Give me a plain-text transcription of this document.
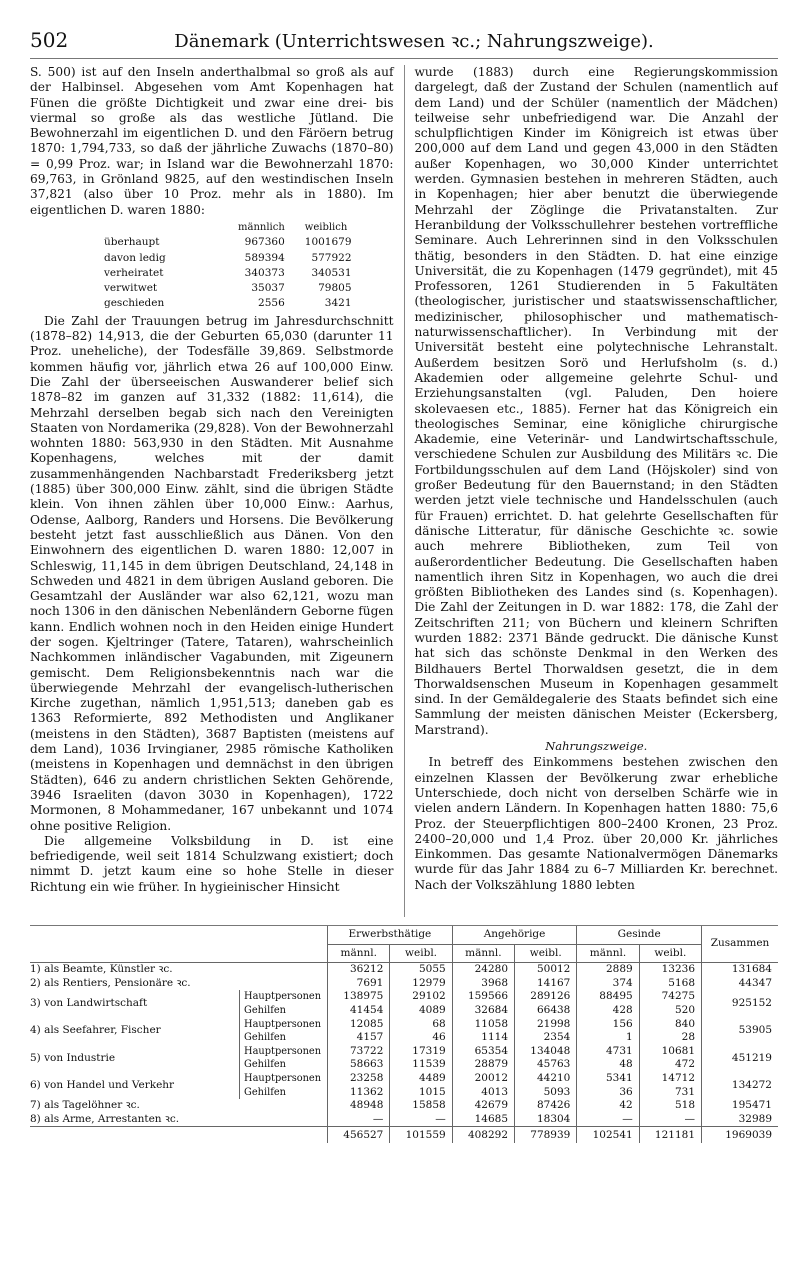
502	Dänemark (Unterrichtswesen ꝛc.; Nahrungszweige).

S. 500) ist auf den Inseln anderthalbmal so groß als auf der Halbinsel. Abgesehen vom Amt Kopenhagen hat Fünen die größte Dichtigkeit und zwar eine drei- bis viermal so große als das westliche Jütland. Die Bewohnerzahl im eigentlichen D. und den Färöern betrug 1870: 1,794,733, so daß der jährliche Zuwachs (1870–80) = 0,99 Proz. war; in Island war die Bewohnerzahl 1870: 69,763, in Grönland 9825, auf den westindischen Inseln 37,821 (also über 10 Proz. mehr als in 1880). Im eigentlichen D. waren 1880:

	männlich	weiblich
überhaupt	967360	1001679
davon ledig	589394	577922
verheiratet	340373	340531
verwitwet	35037	79805
geschieden	2556	3421

Die Zahl der Trauungen betrug im Jahresdurchschnitt (1878–82) 14,913, die der Geburten 65,030 (darunter 11 Proz. uneheliche), der Todesfälle 39,869. Selbstmorde kommen häufig vor, jährlich etwa 26 auf 100,000 Einw. Die Zahl der überseeischen Auswanderer belief sich 1878–82 im ganzen auf 31,332 (1882: 11,614), die Mehrzahl derselben begab sich nach den Vereinigten Staaten von Nordamerika (29,828). Von der Bewohnerzahl wohnten 1880: 563,930 in den Städten. Mit Ausnahme Kopenhagens, welches mit der damit zusammenhängenden Nachbarstadt Frederiksberg jetzt (1885) über 300,000 Einw. zählt, sind die übrigen Städte klein. Von ihnen zählen über 10,000 Einw.: Aarhus, Odense, Aalborg, Randers und Horsens. Die Bevölkerung besteht jetzt fast ausschließlich aus Dänen. Von den Einwohnern des eigentlichen D. waren 1880: 12,007 in Schleswig, 11,145 in dem übrigen Deutschland, 24,148 in Schweden und 4821 in dem übrigen Ausland geboren. Die Gesamtzahl der Ausländer war also 62,121, wozu man noch 1306 in den dänischen Nebenländern Geborne fügen kann. Endlich wohnen noch in den Heiden einige Hundert der sogen. Kjeltringer (Tatere, Tataren), wahrscheinlich Nachkommen inländischer Vagabunden, mit Zigeunern gemischt. Dem Religionsbekenntnis nach war die überwiegende Mehrzahl der evangelisch-lutherischen Kirche zugethan, nämlich 1,951,513; daneben gab es 1363 Reformierte, 892 Methodisten und Anglikaner (meistens in den Städten), 3687 Baptisten (meistens auf dem Land), 1036 Irvingianer, 2985 römische Katholiken (meistens in Kopenhagen und demnächst in den übrigen Städten), 646 zu andern christlichen Sekten Gehörende, 3946 Israeliten (davon 3030 in Kopenhagen), 1722 Mormonen, 8 Mohammedaner, 167 unbekannt und 1074 ohne positive Religion.

Die allgemeine Volksbildung in D. ist eine befriedigende, weil seit 1814 Schulzwang existiert; doch nimmt D. jetzt kaum eine so hohe Stelle in dieser Richtung ein wie früher. In hygieinischer Hinsicht

wurde (1883) durch eine Regierungskommission dargelegt, daß der Zustand der Schulen (namentlich auf dem Land) und der Schüler (namentlich der Mädchen) teilweise sehr unbefriedigend war. Die Anzahl der schulpflichtigen Kinder im Königreich ist etwas über 200,000 auf dem Land und gegen 43,000 in den Städten außer Kopenhagen, wo 30,000 Kinder unterrichtet werden. Gymnasien bestehen in mehreren Städten, auch in Kopenhagen; hier aber benutzt die überwiegende Mehrzahl der Zöglinge die Privatanstalten. Zur Heranbildung der Volksschullehrer bestehen vortreffliche Seminare. Auch Lehrerinnen sind in den Volksschulen thätig, besonders in den Städten. D. hat eine einzige Universität, die zu Kopenhagen (1479 gegründet), mit 45 Professoren, 1261 Studierenden in 5 Fakultäten (theologischer, juristischer und staatswissenschaftlicher, medizinischer, philosophischer und mathematisch-naturwissenschaftlicher). In Verbindung mit der Universität besteht eine polytechnische Lehranstalt. Außerdem besitzen Sorö und Herlufsholm (s. d.) Akademien oder allgemeine gelehrte Schul- und Erziehungsanstalten (vgl. Paluden, Den hoiere skolevaesen etc., 1885). Ferner hat das Königreich ein theologisches Seminar, eine königliche chirurgische Akademie, eine Veterinär- und Landwirtschaftsschule, verschiedene Schulen zur Ausbildung des Militärs ꝛc. Die Fortbildungsschulen auf dem Land (Höjskoler) sind von großer Bedeutung für den Bauernstand; in den Städten werden jetzt viele technische und Handelsschulen (auch für Frauen) errichtet. D. hat gelehrte Gesellschaften für dänische Litteratur, für dänische Geschichte ꝛc. sowie auch mehrere Bibliotheken, zum Teil von außerordentlicher Bedeutung. Die Gesellschaften haben namentlich ihren Sitz in Kopenhagen, wo auch die drei größten Bibliotheken des Landes sind (s. Kopenhagen). Die Zahl der Zeitungen in D. war 1882: 178, die Zahl der Zeitschriften 211; von Büchern und kleinern Schriften wurden 1882: 2371 Bände gedruckt. Die dänische Kunst hat sich das schönste Denkmal in den Werken des Bildhauers Bertel Thorwaldsen gesetzt, die in dem Thorwaldsenschen Museum in Kopenhagen gesammelt sind. In der Gemäldegalerie des Staats befindet sich eine Sammlung der meisten dänischen Meister (Eckersberg, Marstrand).

Nahrungszweige.

In betreff des Einkommens bestehen zwischen den einzelnen Klassen der Bevölkerung zwar erhebliche Unterschiede, doch nicht von derselben Schärfe wie in vielen andern Ländern. In Kopenhagen hatten 1880: 75,6 Proz. der Steuerpflichtigen 800–2400 Kronen, 23 Proz. 2400–20,000 und 1,4 Proz. über 20,000 Kr. jährliches Einkommen. Das gesamte Nationalvermögen Dänemarks wurde für das Jahr 1884 zu 6–7 Milliarden Kr. berechnet. Nach der Volkszählung 1880 lebten

		Erwerbsthätige		Angehörige		Gesinde		Zusammen
		männl.	weibl.	männl.	weibl.	männl.	weibl.	
1) als Beamte, Künstler ꝛc.		36212	5055	24280	50012	2889	13236	131684
2) als Rentiers, Pensionäre ꝛc.		7691	12979	3968	14167	374	5168	44347
3) von Landwirtschaft	Hauptpersonen	138975	29102	159566	289126	88495	74275	925152
	Gehilfen	41454	4089	32684	66438	428	520	
4) als Seefahrer, Fischer	Hauptpersonen	12085	68	11058	21998	156	840	53905
	Gehilfen	4157	46	1114	2354	1	28	
5) von Industrie	Hauptpersonen	73722	17319	65354	134048	4731	10681	451219
	Gehilfen	58663	11539	28879	45763	48	472	
6) von Handel und Verkehr	Hauptpersonen	23258	4489	20012	44210	5341	14712	134272
	Gehilfen	11362	1015	4013	5093	36	731	
7) als Tagelöhner ꝛc.		48948	15858	42679	87426	42	518	195471
8) als Arme, Arrestanten ꝛc.		—	—	14685	18304	—	—	32989
		456527	101559	408292	778939	102541	121181	1969039
